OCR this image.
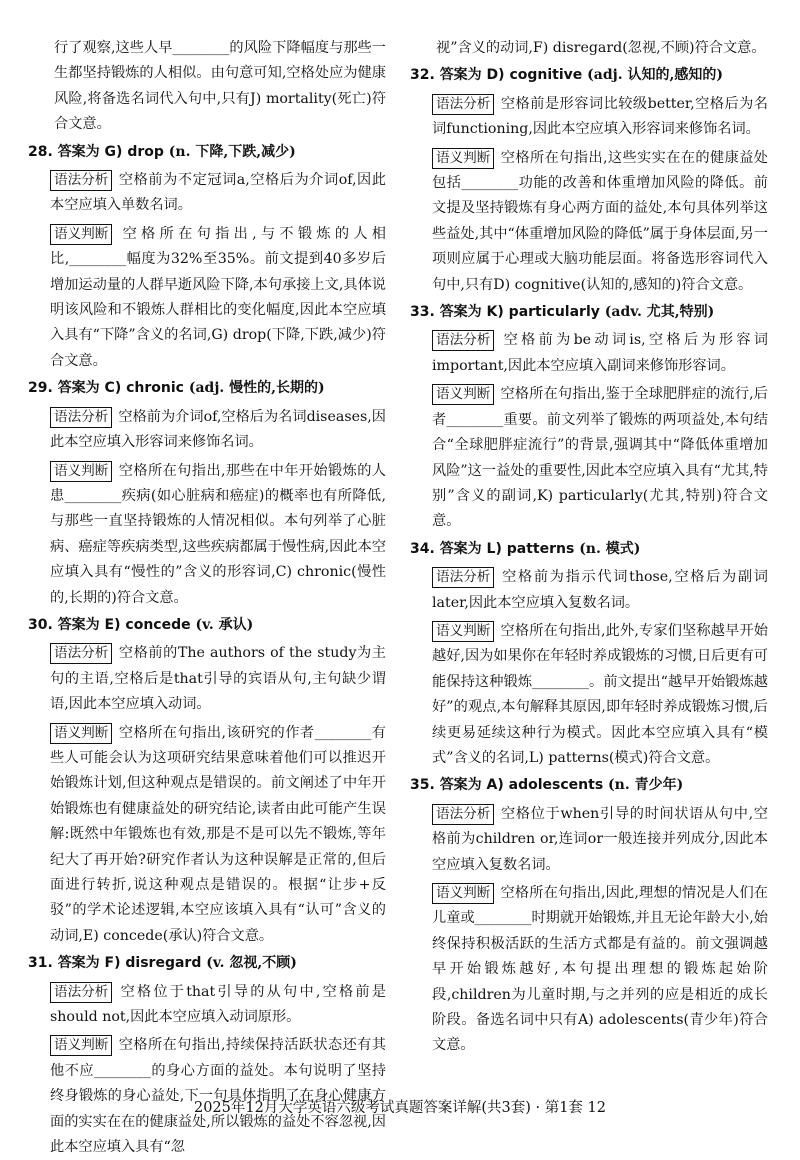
行了观察,这些人早________的风险下降幅度与那些一生都坚持锻炼的人相似。由句意可知,空格处应为健康风险,将备选名词代入句中,只有J) mortality(死亡)符合文意。

28. 答案为 G) drop (n. 下降,下跌,减少)

语法分析 空格前为不定冠词a,空格后为介词of,因此本空应填入单数名词。

语义判断 空格所在句指出,与不锻炼的人相比,________幅度为32%至35%。前文提到40多岁后增加运动量的人群早逝风险下降,本句承接上文,具体说明该风险和不锻炼人群相比的变化幅度,因此本空应填入具有“下降”含义的名词,G) drop(下降,下跌,减少)符合文意。

29. 答案为 C) chronic (adj. 慢性的,长期的)

语法分析 空格前为介词of,空格后为名词diseases,因此本空应填入形容词来修饰名词。

语义判断 空格所在句指出,那些在中年开始锻炼的人患________疾病(如心脏病和癌症)的概率也有所降低,与那些一直坚持锻炼的人情况相似。本句列举了心脏病、癌症等疾病类型,这些疾病都属于慢性病,因此本空应填入具有“慢性的”含义的形容词,C) chronic(慢性的,长期的)符合文意。

30. 答案为 E) concede (v. 承认)

语法分析 空格前的The authors of the study为主句的主语,空格后是that引导的宾语从句,主句缺少谓语,因此本空应填入动词。

语义判断 空格所在句指出,该研究的作者________有些人可能会认为这项研究结果意味着他们可以推迟开始锻炼计划,但这种观点是错误的。前文阐述了中年开始锻炼也有健康益处的研究结论,读者由此可能产生误解:既然中年锻炼也有效,那是不是可以先不锻炼,等年纪大了再开始?研究作者认为这种误解是正常的,但后面进行转折,说这种观点是错误的。根据“让步+反驳”的学术论述逻辑,本空应该填入具有“认可”含义的动词,E) concede(承认)符合文意。

31. 答案为 F) disregard (v. 忽视,不顾)

语法分析 空格位于that引导的从句中,空格前是should not,因此本空应填入动词原形。

语义判断 空格所在句指出,持续保持活跃状态还有其他不应________的身心方面的益处。本句说明了坚持终身锻炼的身心益处,下一句具体指明了在身心健康方面的实实在在的健康益处,所以锻炼的益处不容忽视,因此本空应填入具有“忽

视”含义的动词,F) disregard(忽视,不顾)符合文意。

32. 答案为 D) cognitive (adj. 认知的,感知的)

语法分析 空格前是形容词比较级better,空格后为名词functioning,因此本空应填入形容词来修饰名词。

语义判断 空格所在句指出,这些实实在在的健康益处包括________功能的改善和体重增加风险的降低。前文提及坚持锻炼有身心两方面的益处,本句具体列举这些益处,其中“体重增加风险的降低”属于身体层面,另一项则应属于心理或大脑功能层面。将备选形容词代入句中,只有D) cognitive(认知的,感知的)符合文意。

33. 答案为 K) particularly (adv. 尤其,特别)

语法分析 空格前为be动词is,空格后为形容词important,因此本空应填入副词来修饰形容词。

语义判断 空格所在句指出,鉴于全球肥胖症的流行,后者________重要。前文列举了锻炼的两项益处,本句结合“全球肥胖症流行”的背景,强调其中“降低体重增加风险”这一益处的重要性,因此本空应填入具有“尤其,特别”含义的副词,K) particularly(尤其,特别)符合文意。

34. 答案为 L) patterns (n. 模式)

语法分析 空格前为指示代词those,空格后为副词later,因此本空应填入复数名词。

语义判断 空格所在句指出,此外,专家们坚称越早开始越好,因为如果你在年轻时养成锻炼的习惯,日后更有可能保持这种锻炼________。前文提出“越早开始锻炼越好”的观点,本句解释其原因,即年轻时养成锻炼习惯,后续更易延续这种行为模式。因此本空应填入具有“模式”含义的名词,L) patterns(模式)符合文意。

35. 答案为 A) adolescents (n. 青少年)

语法分析 空格位于when引导的时间状语从句中,空格前为children or,连词or一般连接并列成分,因此本空应填入复数名词。

语义判断 空格所在句指出,因此,理想的情况是人们在儿童或________时期就开始锻炼,并且无论年龄大小,始终保持积极活跃的生活方式都是有益的。前文强调越早开始锻炼越好,本句提出理想的锻炼起始阶段,children为儿童时期,与之并列的应是相近的成长阶段。备选名词中只有A) adolescents(青少年)符合文意。

2025年12月大学英语六级考试真题答案详解(共3套) · 第1套 12
